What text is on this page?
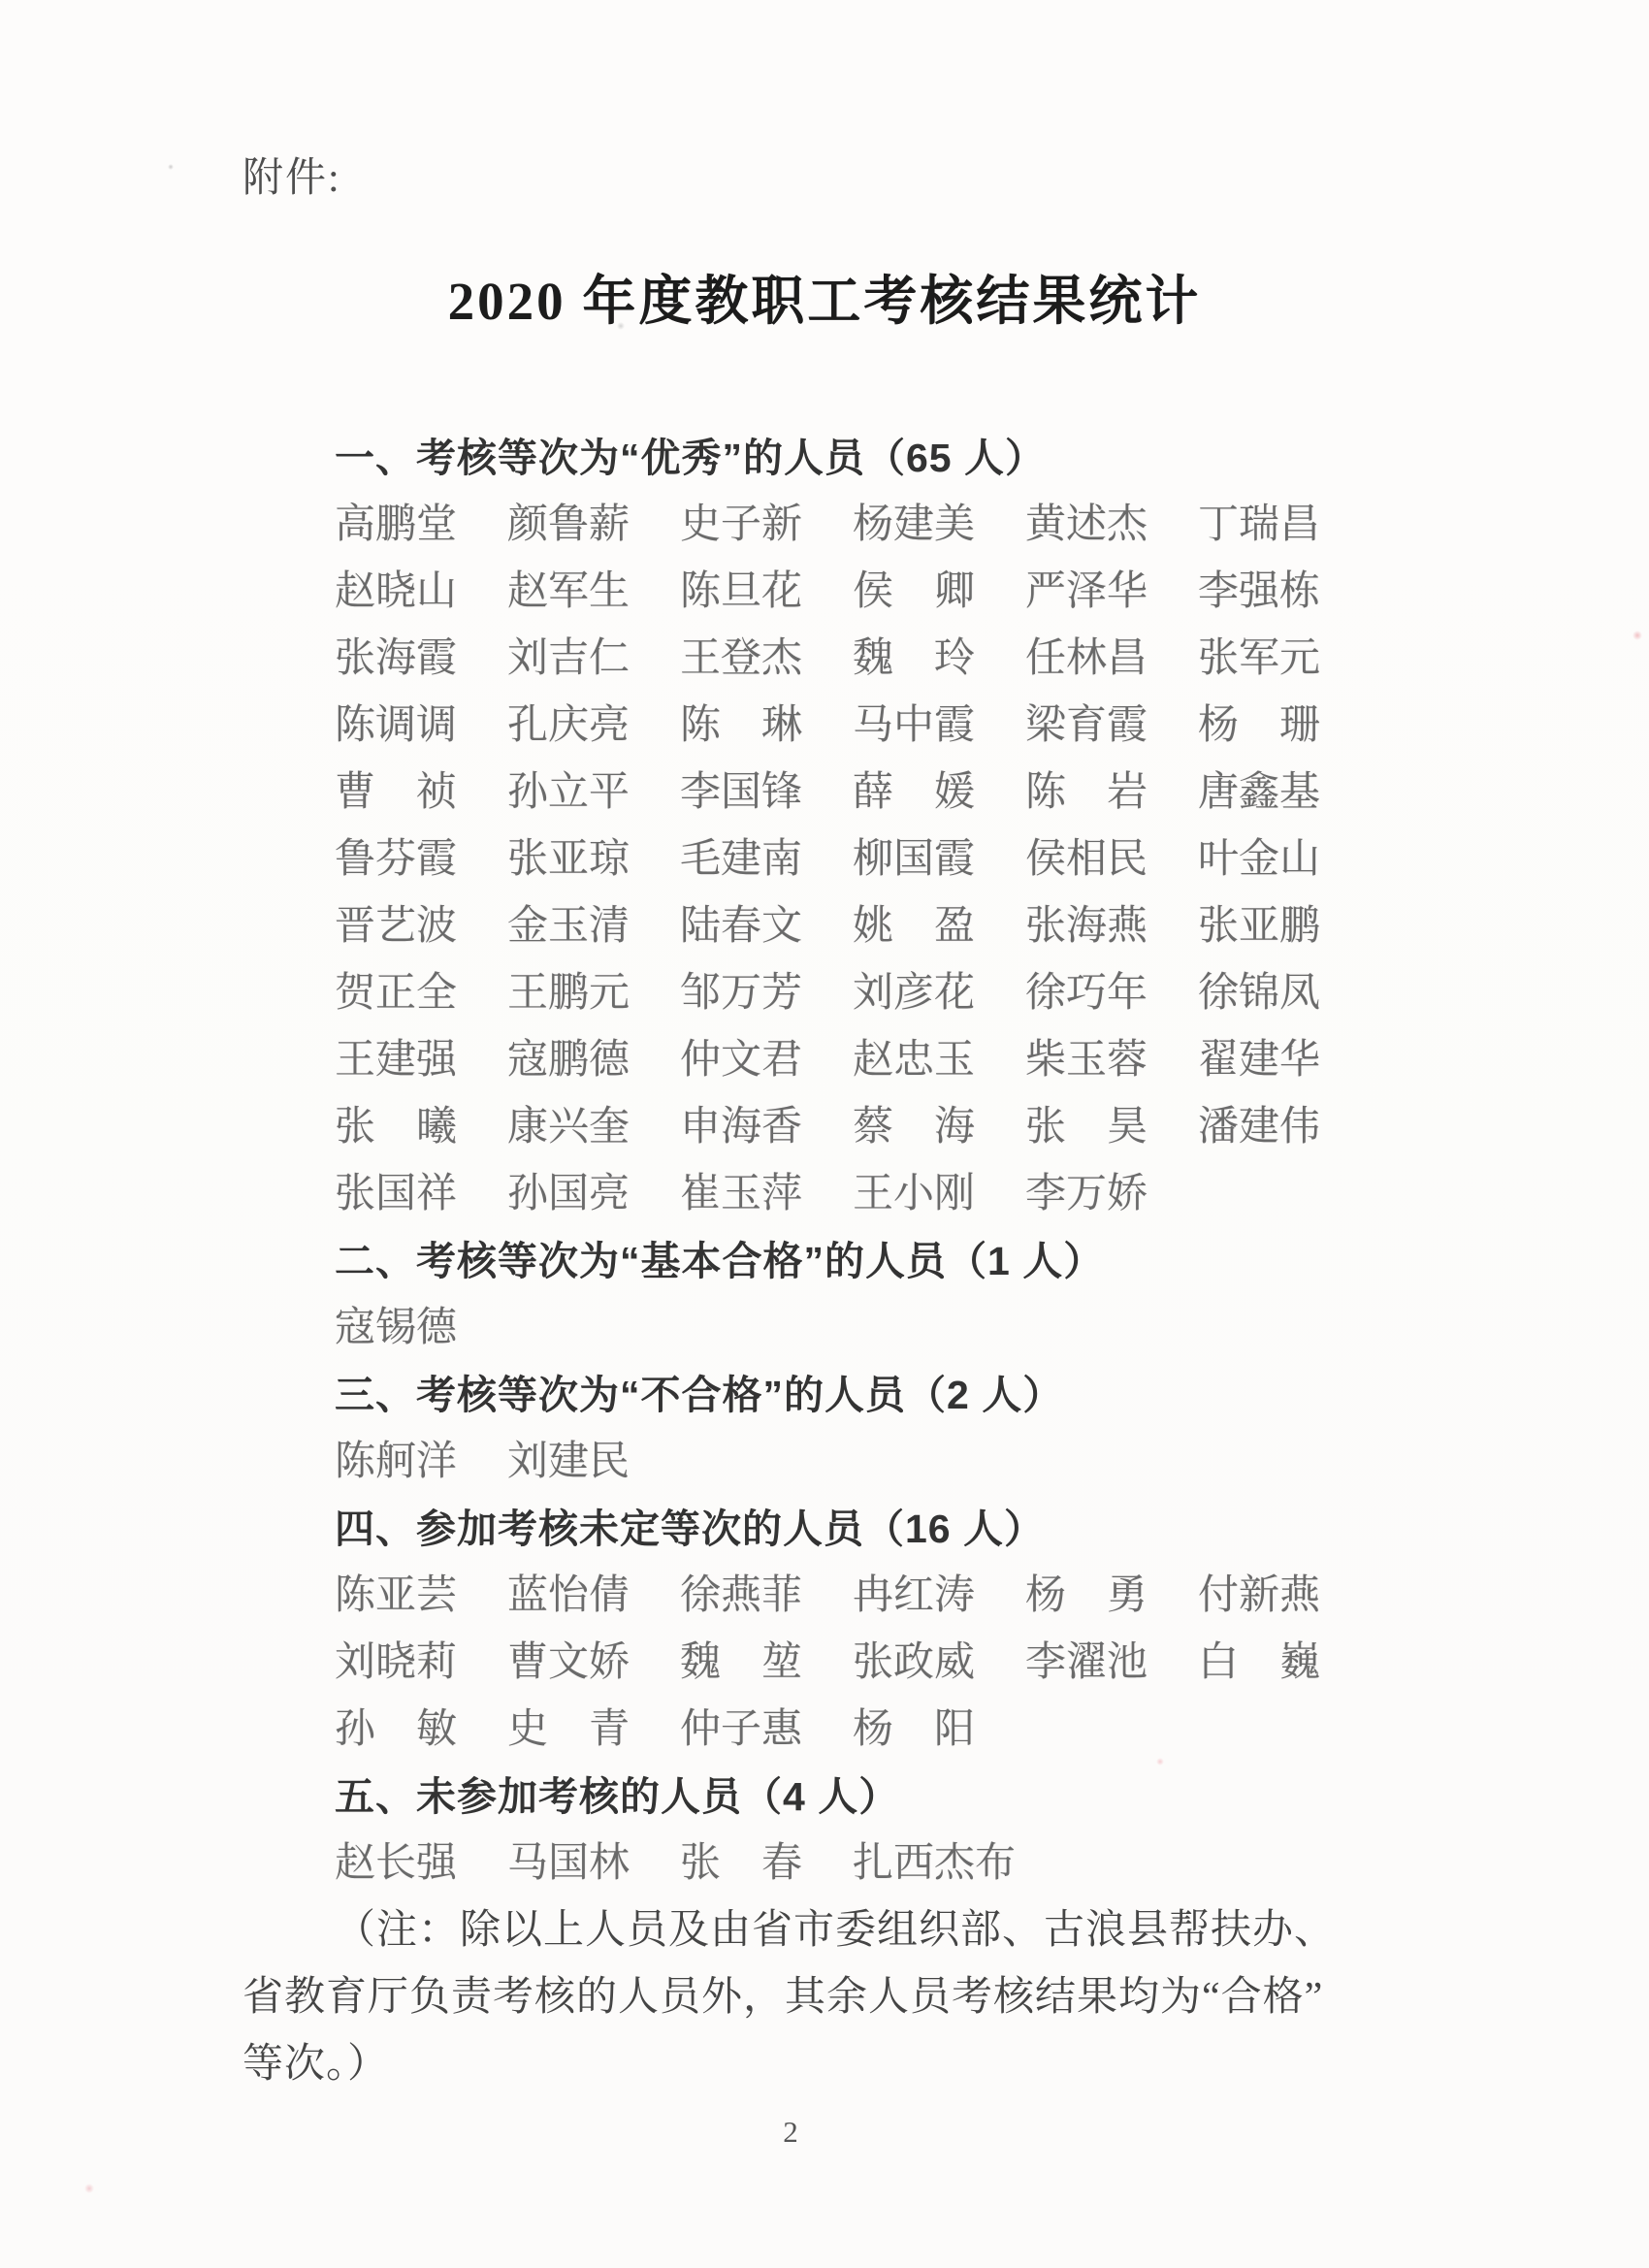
附件:
2020 年度教职工考核结果统计
一、考核等次为“优秀”的人员（65 人）
高鹏堂 颜鲁薪 史子新 杨建美 黄述杰 丁瑞昌
赵晓山 赵军生 陈旦花 侯　卿 严泽华 李强栋
张海霞 刘吉仁 王登杰 魏　玲 任林昌 张军元
陈调调 孔庆亮 陈　琳 马中霞 梁育霞 杨　珊
曹　祯 孙立平 李国锋 薛　媛 陈　岩 唐鑫基
鲁芬霞 张亚琼 毛建南 柳国霞 侯相民 叶金山
晋艺波 金玉清 陆春文 姚　盈 张海燕 张亚鹏
贺正全 王鹏元 邹万芳 刘彦花 徐巧年 徐锦凤
王建强 寇鹏德 仲文君 赵忠玉 柴玉蓉 翟建华
张　曦 康兴奎 申海香 蔡　海 张　昊 潘建伟
张国祥 孙国亮 崔玉萍 王小刚 李万娇
二、考核等次为“基本合格”的人员（1 人）
寇锡德
三、考核等次为“不合格”的人员（2 人）
陈舸洋 刘建民
四、参加考核未定等次的人员（16 人）
陈亚芸 蓝怡倩 徐燕菲 冉红涛 杨　勇 付新燕
刘晓莉 曹文娇 魏　堃 张政威 李濯池 白　巍
孙　敏 史　青 仲子惠 杨　阳
五、未参加考核的人员（4 人）
赵长强 马国林 张　春 扎西杰布

（注：除以上人员及由省市委组织部、古浪县帮扶办、

省教育厅负责考核的人员外，其余人员考核结果均为“合格”

等次。）

2
